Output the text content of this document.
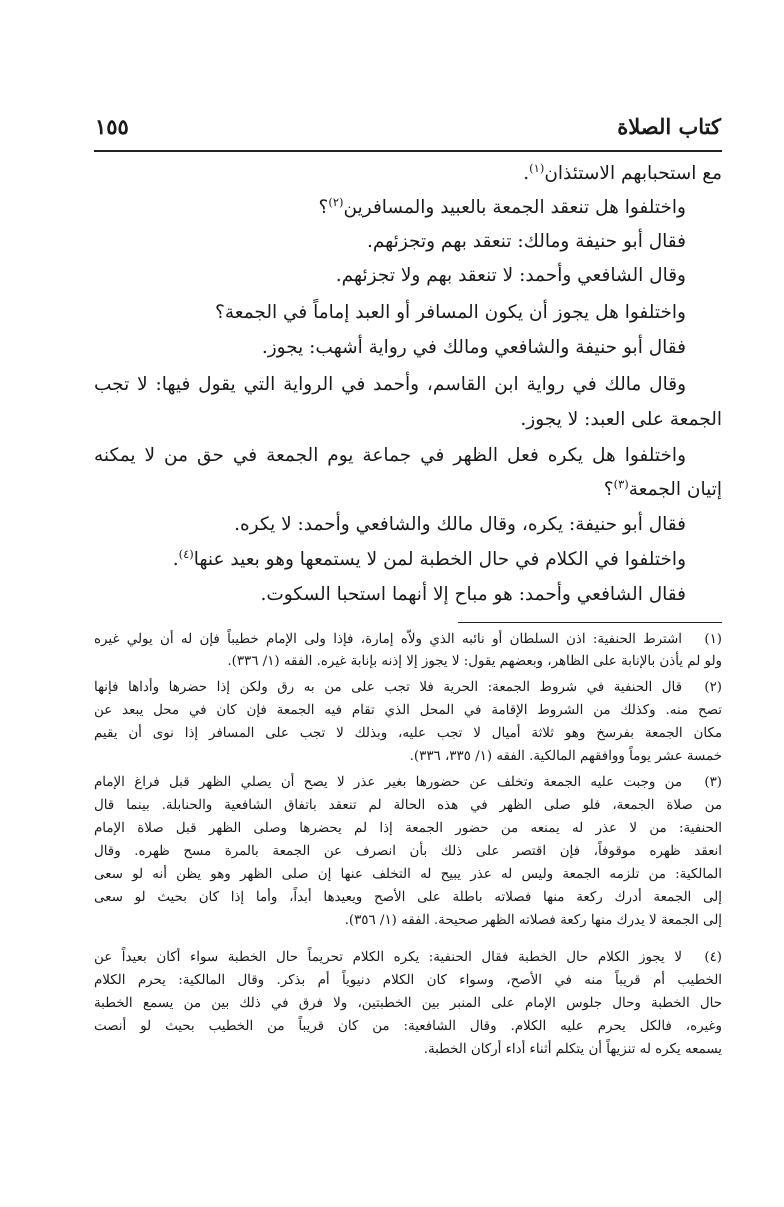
كتاب الصلاة
١٥٥
مع استحبابهم الاستئذان$^{(١)}$.
واختلفوا هل تنعقد الجمعة بالعبيد والمسافرين$^{(٢)}$؟
فقال أبو حنيفة ومالك: تنعقد بهم وتجزئهم.
وقال الشافعي وأحمد: لا تنعقد بهم ولا تجزئهم.
واختلفوا هل يجوز أن يكون المسافر أو العبد إماماً في الجمعة؟
فقال أبو حنيفة والشافعي ومالك في رواية أشهب: يجوز.
وقال مالك في رواية ابن القاسم، وأحمد في الرواية التي يقول فيها: لا تجب
الجمعة على العبد: لا يجوز.
واختلفوا هل يكره فعل الظهر في جماعة يوم الجمعة في حق من لا يمكنه
إتيان الجمعة$^{(٣)}$؟
فقال أبو حنيفة: يكره، وقال مالك والشافعي وأحمد: لا يكره.
واختلفوا في الكلام في حال الخطبة لمن لا يستمعها وهو بعيد عنها$^{(٤)}$.
فقال الشافعي وأحمد: هو مباح إلا أنهما استحبا السكوت.
(١)
اشترط الحنفية: اذن السلطان أو نائبه الذي ولاّه إمارة، فإذا ولى الإمام خطيباً فإن له أن يولي غيره
ولو لم يأذن بالإنابة على الظاهر، وبعضهم يقول: لا يجوز إلا إذنه بإنابة غيره. الفقه (١/ ٣٣٦).
(٢)
قال الحنفية في شروط الجمعة: الحرية فلا تجب على من به رق ولكن إذا حضرها وأداها فإنها
تصح منه. وكذلك من الشروط الإقامة في المحل الذي تقام فيه الجمعة فإن كان في محل يبعد عن
مكان الجمعة بفرسخ وهو ثلاثة أميال لا تجب عليه، وبذلك لا تجب على المسافر إذا نوى أن يقيم
خمسة عشر يوماً ووافقهم المالكية. الفقه (١/ ٣٣٥، ٣٣٦).
(٣)
من وجبت عليه الجمعة وتخلف عن حضورها بغير عذر لا يصح أن يصلي الظهر قبل فراغ الإمام
من صلاة الجمعة، فلو صلى الظهر في هذه الحالة لم تنعقد باتفاق الشافعية والحنابلة. بينما قال
الحنفية: من لا عذر له يمنعه من حضور الجمعة إذا لم يحضرها وصلى الظهر قبل صلاة الإمام
انعقد ظهره موقوفاً، فإن اقتصر على ذلك بأن انصرف عن الجمعة بالمرة مسح ظهره. وقال
المالكية: من تلزمه الجمعة وليس له عذر يبيح له التخلف عنها إن صلى الظهر وهو يظن أنه لو سعى
إلى الجمعة أدرك ركعة منها فصلاته باطلة على الأصح ويعيدها أبداً، وأما إذا كان بحيث لو سعى
إلى الجمعة لا يدرك منها ركعة فصلاته الظهر صحيحة. الفقه (١/ ٣٥٦).
(٤)
لا يجوز الكلام حال الخطبة فقال الحنفية: يكره الكلام تحريماً حال الخطبة سواء أكان بعيداً عن
الخطيب أم قريباً منه في الأصح، وسواء كان الكلام دنيوياً أم بذكر. وقال المالكية: يحرم الكلام
حال الخطبة وحال جلوس الإمام على المنبر بين الخطبتين، ولا فرق في ذلك بين من يسمع الخطبة
وغيره، فالكل يحرم عليه الكلام. وقال الشافعية: من كان قريباً من الخطيب بحيث لو أنصت
يسمعه يكره له تنزيهاً أن يتكلم أثناء أداء أركان الخطبة.
